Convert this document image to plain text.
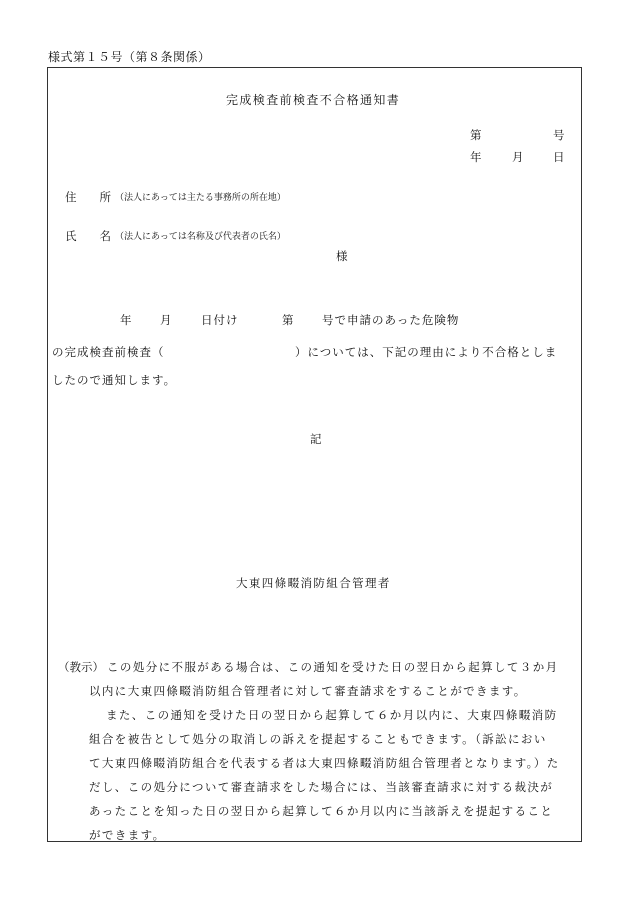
様式第１５号（第８条関係）
完成検査前検査不合格通知書
第	号
年	月	日
住　　所 （法人にあっては主たる事務所の所在地）
氏　　名 （法人にあっては名称及び代表者の氏名）
様
年 月	日付け	第 号で申請のあった危険物
の完成検査前検査（	）については、下記の理由により不合格としま
したので通知します。
記
大東四條畷消防組合管理者
（教示） この処分に不服がある場合は、この通知を受けた日の翌日から起算して３か月
以内に大東四條畷消防組合管理者に対して審査請求をすることができます。
また、この通知を受けた日の翌日から起算して６か月以内に、大東四條畷消防
組合を被告として処分の取消しの訴えを提起することもできます。（訴訟におい
て大東四條畷消防組合を代表する者は大東四條畷消防組合管理者となります。）た
だし、この処分について審査請求をした場合には、当該審査請求に対する裁決が
あったことを知った日の翌日から起算して６か月以内に当該訴えを提起すること
ができます。
